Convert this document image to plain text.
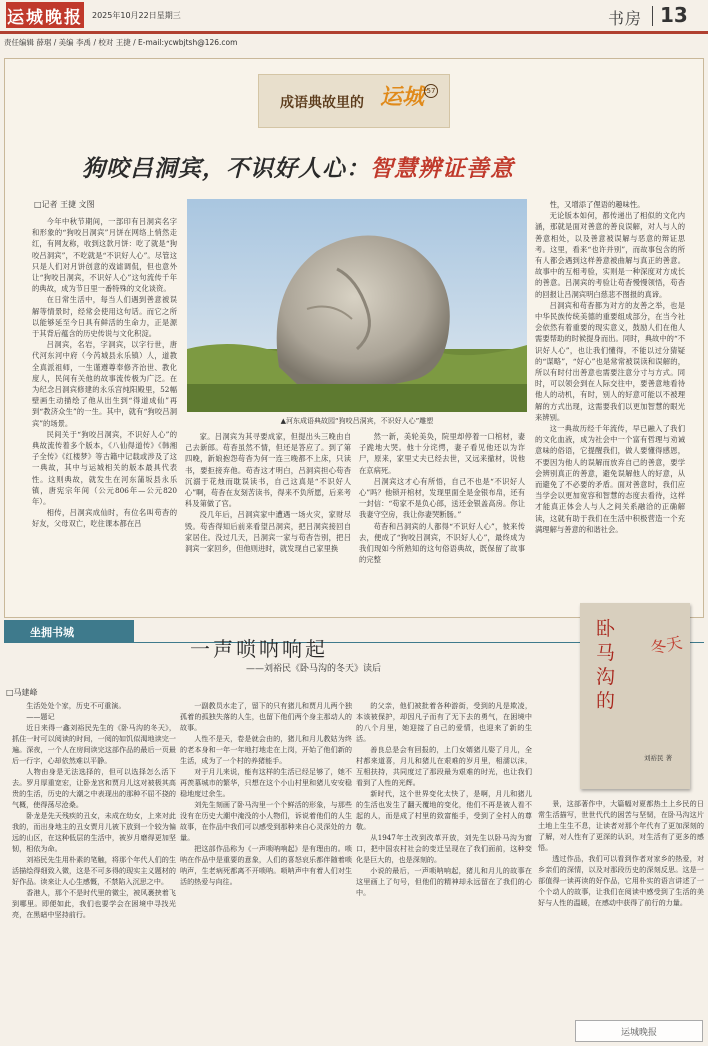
运城晚报 2025年10月22日星期三	书房 13
责任编辑 薛琚 / 美编 李禹 / 校对 王捷 / E-mail:ycwbjtsh@126.com
成语典故里的 运城 57
狗咬吕洞宾，不识好人心：智慧辨证善意
□记者 王捷 文图
今年中秋节期间，一部印有吕洞宾名字和形象的“狗咬吕洞宾”月饼在网络上悄然走红，有网友称，收到这款月饼：吃了就是“狗咬吕洞宾”，不吃就是“不识好人心”。尽管这只是人们对月饼创意的戏谑调侃，但也意外让“狗咬吕洞宾，不识好人心”这句流传千年的典故，成为节日里一番特殊的文化谈资。
在日常生活中，每当人们遇到善意被误解等情景时，经常会使用这句话。而它之所以能够延至今日具有鲜活的生命力，正是源于其背后蕴含的历史传说与文化积淀。
吕洞宾，名岩，字洞宾，以字行世，唐代河东河中府（今芮城县永乐镇）人，道教全真派祖师，一生谨遵尊奉修齐治世、教化度人，民间有关他的故事流传极为广泛。在为纪念吕洞宾修建的永乐宫纯阳殿里，52幅壁画生动描绘了他从出生到“得道成仙”再到“教济众生”的一生。其中，就有“狗咬吕洞宾”的场景。
民间关于“狗咬吕洞宾，不识好人心”的典故流传着多个版本，《八仙得道传》《韩湘子全传》《红楼梦》等古籍中记载或涉及了这一典故，其中与运城相关的版本最具代表性。这则典故，就发生在河东蒲坂县永乐镇，唐宪宗年间（公元806年—公元820年）。
相传，吕洞宾成仙时，有位名叫苟杳的好友，父母双亡，吃住课本都在吕
▲河东成语典故园“狗咬吕洞宾，不识好人心”雕塑
家。吕洞宾为其寻要成家，但提出头三晚由自己去新郎。苟杳虽然不情，但还是答应了。到了第四晚，新娘抱怨苟杳为何一连三晚都不上床，只读书，要拒接弃他。苟杳这才明白，吕洞宾担心苟杳沉溺于花烛而耽误读书，自己这真是“不识好人心”啊，苟杳在友刻苦读书，得来不负所愿，后来考科及第做了官。
没几年后，吕洞宾家中遭遇一场火灾，家财尽毁。苟杳得知后前来看望吕洞宾，把吕洞宾接回自家居住。没过几天，吕洞宾一家与苟杳告别，把吕洞宾一家回乡，但他则进时，就发现自己家里换
然一新，美轮美奂，院里却停着一口棺材，妻子跪地大哭。他十分诧愕，妻子看见他还以为诈尸，原来，家里丈夫已经去世，又远来撤材，说他在京病死。
吕洞宾这才心有所悟，自己不也是“不识好人心”吗？他锁开棺材，发现里面全是金银布帛，还有一封信：“苟家不是负心郎，送还金银盖高房。你让我妻守空房，我让你妻哭断肠。”
苟杳和吕洞宾的人都得“不识好人心”，彼来传去，便成了“狗咬吕洞宾，不识好人心”，最终成为我们现如今所熟知的这句俗语典故，既保留了故事的完整
性，又增添了俚语的趣味性。
无论版本如何，都传递出了相似的文化内涵，那就是面对善意的善良误解，对人与人的善意相处，以及善意被误解与恶意的辩证思考。这里，看来“也许并别”，而故事包含的所有人都会遇到这样善意被曲解与真正的善意。故事中的互相考验，实则是一种深度对方成长的善意。吕洞宾的考验让苟杳慢慢领悟，苟杳的回报让吕洞宾明白慈悲不图报的真谛。
吕洞宾和苟杳都为对方的友善之举，也是中华民族传统美德的重要组成部分，在当今社会依然有着重要的现实意义，鼓励人们在他人需要帮助的时候提身而出。同时，典故中的“不识好人心”，也让我们懂得，不能以过分猜疑的“谋略”，“好心”也是常常被误读和误解的，所以有时付出善意也需要注意分寸与方式。同时，可以领会到在人际交往中，要善意地看待他人的动机，有时，别人的好意可能以不被理解的方式出现，这需要我们以更加智慧的眼光来辨别。
这一典故历经千年流传，早已融入了我们的文化血液，成为社会中一个富有哲理与劝诫意味的俗语，它提醒我们，做人要懂得感恩，不要因为他人的误解而放弃自己的善意，要学会辨别真正的善意，避免误解他人的好意，从而避免了不必要的矛盾。面对善意时，我们应当学会以更加宽容和智慧的态度去看待，这样才能真正体会人与人之间关系融洽的正确解读，这就有助于我们在生活中积极营造一个充满理解与善意的和谐社会。
坐拥书城
一声唢呐响起
——刘裕民《卧马沟的冬天》读后
□马建峰
生活处处个家，历史不可重演。
——题记
近日来得一鑫刘裕民先生的《卧马沟的冬天》，抓住一时可以阅读的时间，一阅的如饥似渴地读完一遍。深夜，一个人在房间读完这部作品的最后一页最后一行字，心却依然难以平静。
人物由身是无法选择的，但可以选择怎么活下去。罗月厚重宽宏，让卧龙宫和贾月儿这对被极其高贵的生活，历史的大潮之中表现出的那种不屈不挠的气概，使得荡尽沧桑。
卧龙是先天残疾的丑女，未成在幼女，上来对此我的，而出身地主的丑女贾月儿被下放到一个较为偏远的山区，在这种低层的生活中，被岁月磨得更加坚韧，相依为命。
刘裕民先生用朴素的笔触，将那个年代人们的生活描绘得细致入微，这是不可多得的现实主义题材的好作品。读来让人心生感慨，不禁陷入沉思之中。
香港人，那个不是时代里的微尘，被风裹挟着飞到哪里。即便如此，我们也要学会在困境中寻找光亮，在黑暗中坚持前行。
一副教员水走了，留下的只有猪儿和贾月儿两个独孤着的孤独失落的人生，也留下他们两个身主那动人的故事。
人性不是天，卷是就会由的，猪儿和月儿教姑为终的老本身和一年一年地打地走在上岗，开始了他们新的生活，成为了一个村的养猪能手。
对于月儿来说，能有这样的生活已经足够了，她不再羡慕城市的繁华，只想在这个小山村里和猪儿安安稳稳地度过余生。
刘先生刻画了卧马沟里一个个鲜活的形象，与那些没有在历史大潮中淹没的小人物们，诉说着他们的人生故事，在作品中我们可以感受到那种来自心灵深处的力量。
把这部作品称为《一声唢呐响起》是有理由的。唢呐在作品中是重要的意象，人们的喜怒哀乐都伴随着唢呐声，生老病死都离不开唢呐。唢呐声中有着人们对生活的热爱与向往。
的父亲，他们被批着各种游街，受到的凡是欺凌，本该被保护，却因凡子而有了无下去的勇气，在困境中的八个月里，她迎接了自己的爱情，也迎来了新的生活。
善良总是会有回报的，上门女婿猪儿娶了月儿，全村都来道喜，月儿和猪儿在艰难的岁月里，相濡以沫，互相扶持，共同度过了那段最为艰难的时光，也让我们看到了人性的光辉。
新时代，这个世界变化太快了，是啊，月儿和猪儿的生活也发生了翻天覆地的变化，他们不再是被人看不起的人，而是成了村里的致富能手，受到了全村人的尊敬。
从1947年土改到改革开放，刘先生以卧马沟为窗口，把中国农村社会的变迁呈现在了我们面前，这种变化是巨大的，也是深刻的。
小说的最后，一声唢呐响起，猪儿和月儿的故事在这里画上了句号，但他们的精神却永远留在了我们的心中。
景，这部著作中，大篇幅对夏都热土上乡民的日常生活描写，世世代代的困苦与坚韧，在卧马沟这片土地上生生不息，让读者对那个年代有了更加深刻的了解，对人性有了更深的认识，对生活有了更多的感悟。
透过作品，我们可以看到作者对家乡的热爱，对乡亲们的深情，以及对那段历史的深刻反思。这是一部值得一读再读的好作品，它用朴实的语言讲述了一个个动人的故事，让我们在阅读中感受到了生活的美好与人性的温暖，在感动中获得了前行的力量。
卧马沟的
冬天
刘裕民 著
运城晚报
